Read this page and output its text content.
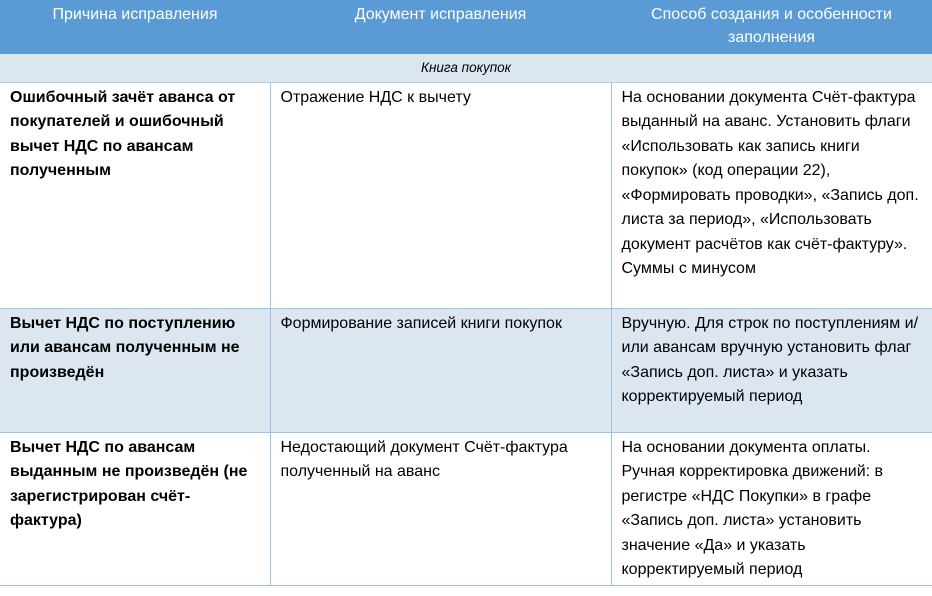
Причина исправления	Документ исправления	Способ создания и особенности заполнения
Книга покупок		
Ошибочный зачёт аванса от покупателей и ошибочный вычет НДС по авансам полученным	Отражение НДС к вычету	На основании документа Счёт-фактура выданный на аванс. Установить флаги «Использовать как запись книги покупок» (код операции 22), «Формировать проводки», «Запись доп. листа за период», «Использовать документ расчётов как счёт-фактуру». Суммы с минусом
Вычет НДС по поступлению или авансам полученным не произведён	Формирование записей книги покупок	Вручную. Для строк по поступлениям и/или авансам вручную установить флаг «Запись доп. листа» и указать корректируемый период
Вычет НДС по авансам выданным не произведён (не зарегистрирован счёт-фактура)	Недостающий документ Счёт-фактура полученный на аванс	На основании документа оплаты. Ручная корректировка движений: в регистре «НДС Покупки» в графе «Запись доп. листа» установить значение «Да» и указать корректируемый период
